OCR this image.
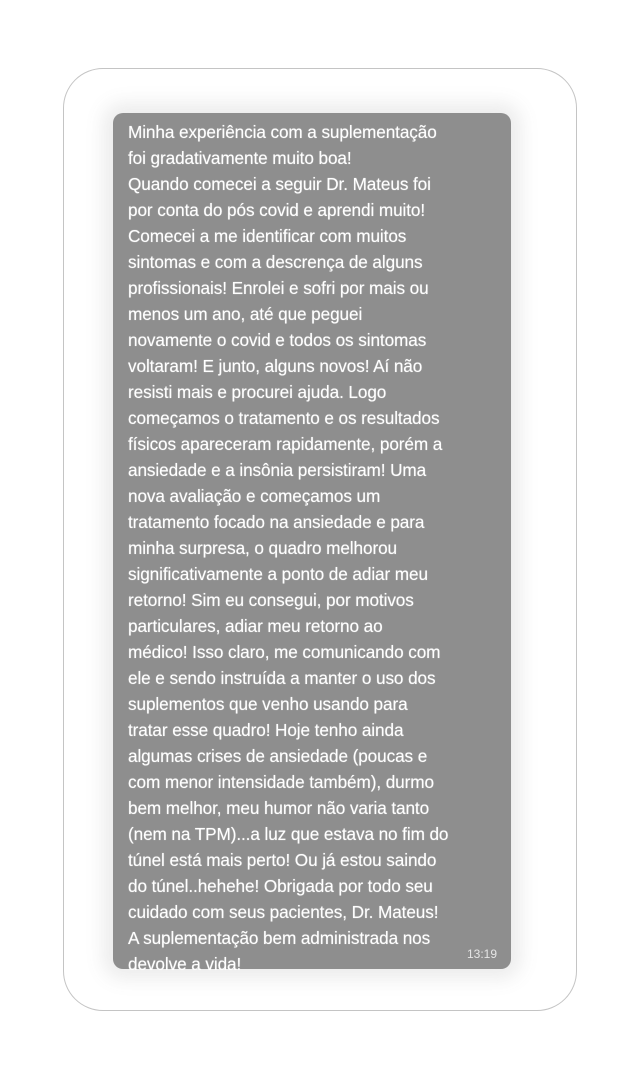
Minha experiência com a suplementação
foi gradativamente muito boa!
Quando comecei a seguir Dr. Mateus foi
por conta do pós covid e aprendi muito!
Comecei a me identificar com muitos
sintomas e com a descrença de alguns
profissionais! Enrolei e sofri por mais ou
menos um ano, até que peguei
novamente o covid e todos os sintomas
voltaram! E junto, alguns novos! Aí não
resisti mais e procurei ajuda. Logo
começamos o tratamento e os resultados
físicos apareceram rapidamente, porém a
ansiedade e a insônia persistiram! Uma
nova avaliação e começamos um
tratamento focado na ansiedade e para
minha surpresa, o quadro melhorou
significativamente a ponto de adiar meu
retorno! Sim eu consegui, por motivos
particulares, adiar meu retorno ao
médico! Isso claro, me comunicando com
ele e sendo instruída a manter o uso dos
suplementos que venho usando para
tratar esse quadro! Hoje tenho ainda
algumas crises de ansiedade (poucas e
com menor intensidade também), durmo
bem melhor, meu humor não varia tanto
(nem na TPM)...a luz que estava no fim do
túnel está mais perto! Ou já estou saindo
do túnel..hehehe! Obrigada por todo seu
cuidado com seus pacientes, Dr. Mateus!
A suplementação bem administrada nos
devolve a vida!	13:19
